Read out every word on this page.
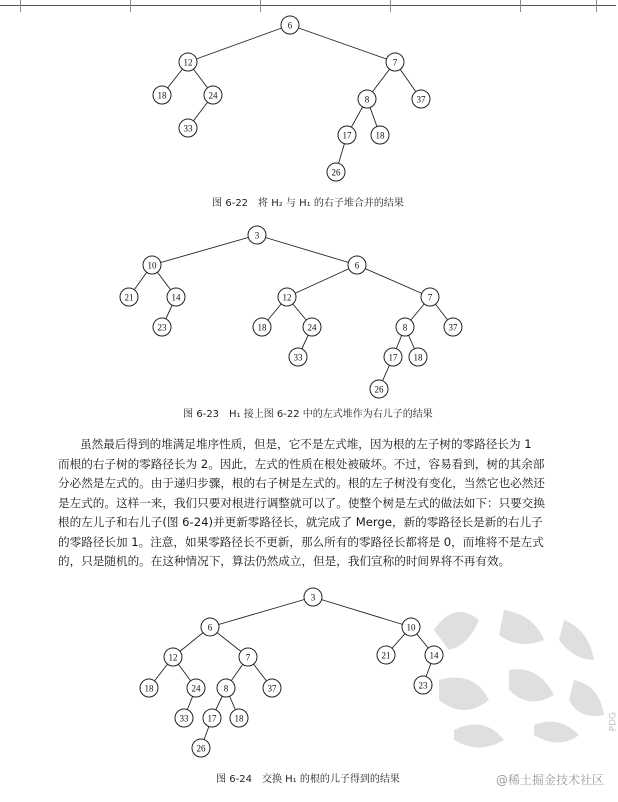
6
12	7
18	24
33
8	37
17	18
26
图 6-22　将 H₂ 与 H₁ 的右子堆合并的结果
3
10	6
21	14
23
12	7
18	24
33
8	37
17 18
26
图 6-23　H₁ 接上图 6-22 中的左式堆作为右儿子的结果

虽然最后得到的堆满足堆序性质，但是，它不是左式堆，因为根的左子树的零路径长为 1
而根的右子树的零路径长为 2。因此，左式的性质在根处被破坏。不过，容易看到，树的其余部
分必然是左式的。由于递归步骤，根的右子树是左式的。根的左子树没有变化，当然它也必然还
是左式的。这样一来，我们只要对根进行调整就可以了。使整个树是左式的做法如下：只要交换
根的左儿子和右儿子(图 6-24)并更新零路径长，就完成了 Merge，新的零路径长是新的右儿子
的零路径长加 1。注意，如果零路径长不更新，那么所有的零路径长都将是 0，而堆将不是左式
的，只是随机的。在这种情况下，算法仍然成立，但是，我们宣称的时间界将不再有效。

PDG
3
6	10
12	7	21	14
18	24	8	37	23
33 17 18
26
图 6-24　交换 H₁ 的根的儿子得到的结果	@稀土掘金技术社区
